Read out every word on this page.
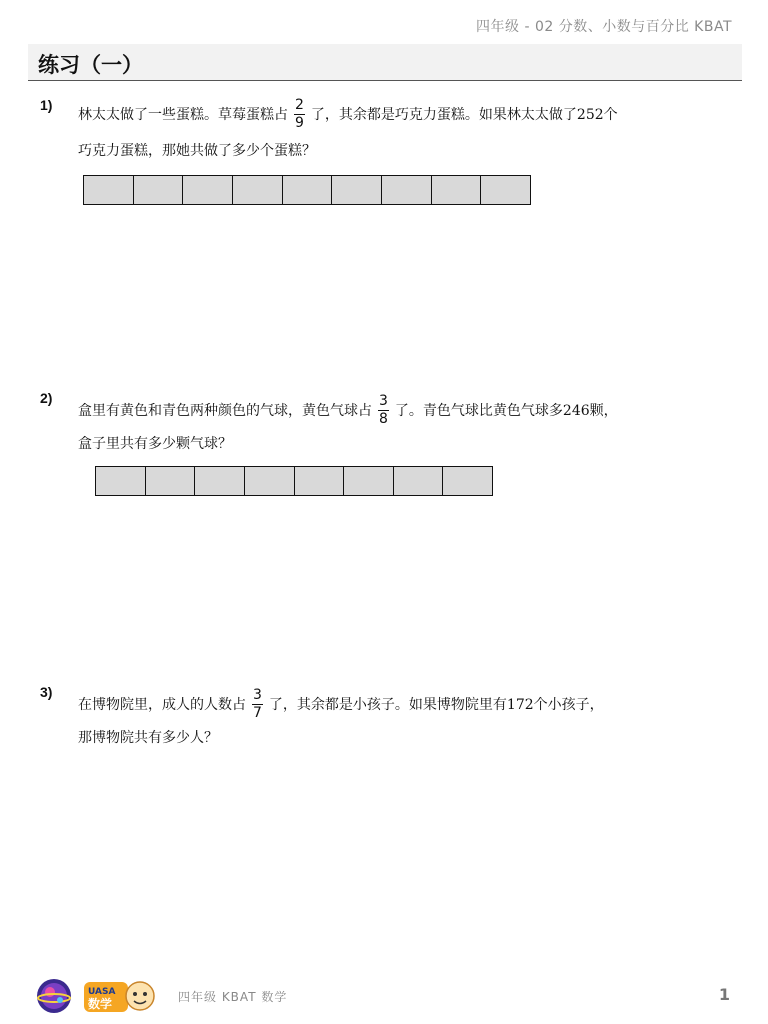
四年级 - 02 分数、小数与百分比 KBAT
练习（一）
1)
林太太做了一些蛋糕。草莓蛋糕占 $\frac{2}{9}$ 了，其余都是巧克力蛋糕。如果林太太做了252个
巧克力蛋糕，那她共做了多少个蛋糕？
2)
盒里有黄色和青色两种颜色的气球，黄色气球占 $\frac{3}{8}$ 了。青色气球比黄色气球多246颗，
盒子里共有多少颗气球？
3)
在博物院里，成人的人数占 $\frac{3}{7}$ 了，其余都是小孩子。如果博物院里有172个小孩子，
那博物院共有多少人？
UASA
数学	四年级 KBAT 数学	1
